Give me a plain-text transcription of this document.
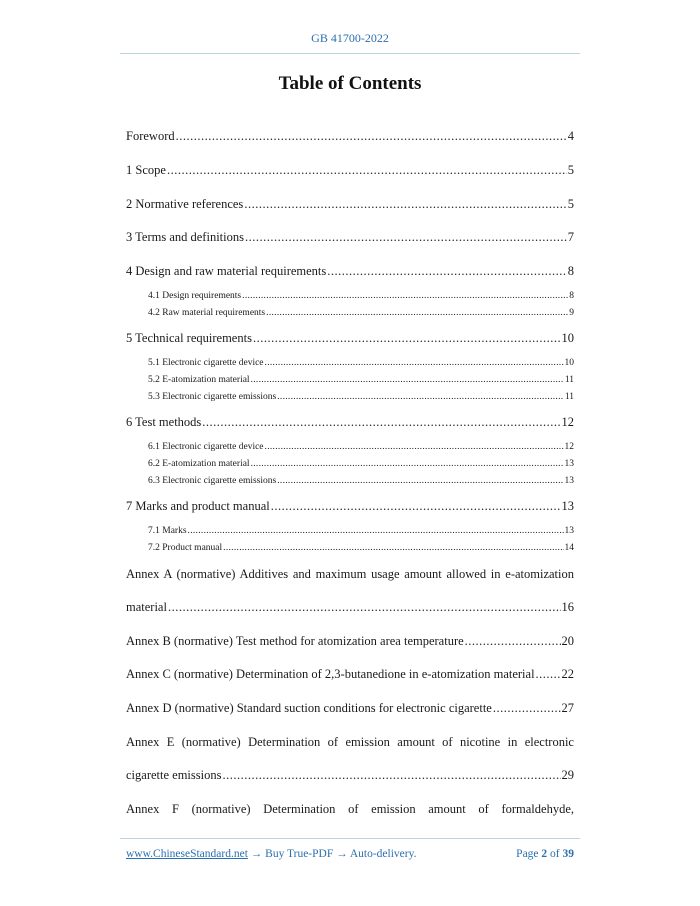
GB 41700-2022
Table of Contents
Foreword .....	4
1 Scope .....	5
2 Normative references .....	5
3 Terms and definitions .....	7
4 Design and raw material requirements .....	8
4.1 Design requirements .....	8
4.2 Raw material requirements .....	9
5 Technical requirements .....	10
5.1 Electronic cigarette device .....	10
5.2 E-atomization material .....	11
5.3 Electronic cigarette emissions .....	11
6 Test methods .....	12
6.1 Electronic cigarette device .....	12
6.2 E-atomization material .....	13
6.3 Electronic cigarette emissions .....	13
7 Marks and product manual .....	13
7.1 Marks .....	13
7.2 Product manual .....	14
Annex A (normative) Additives and maximum usage amount allowed in e-atomization
material .....	16
Annex B (normative) Test method for atomization area temperature .....	20
Annex C (normative) Determination of 2,3-butanedione in e-atomization material ..... 22
Annex D (normative) Standard suction conditions for electronic cigarette .....	27
Annex E (normative) Determination of emission amount of nicotine in electronic
cigarette emissions .....	29
Annex F (normative) Determination of emission amount of formaldehyde,
www.ChineseStandard.net → Buy True-PDF → Auto-delivery.	Page 2 of 39
